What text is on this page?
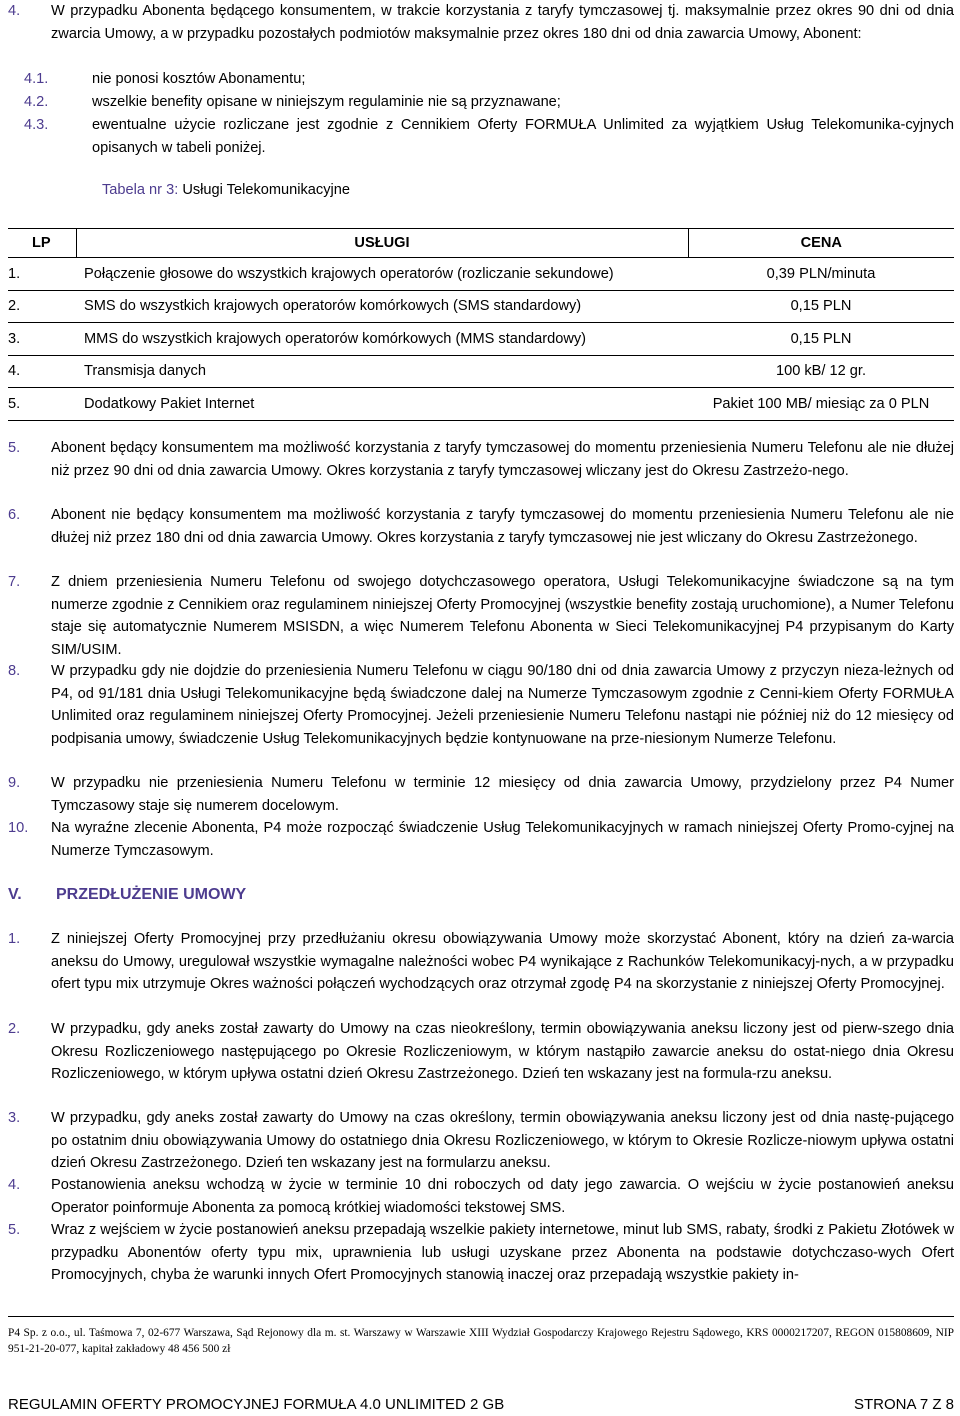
4. W przypadku Abonenta będącego konsumentem, w trakcie korzystania z taryfy tymczasowej tj. maksymalnie przez okres 90 dni od dnia zwarcia Umowy, a w przypadku pozostałych podmiotów maksymalnie przez okres 180 dni od dnia zawarcia Umowy, Abonent:
4.1.	nie ponosi kosztów Abonamentu;
4.2.	wszelkie benefity opisane w niniejszym regulaminie nie są przyznawane;
4.3.	ewentualne użycie rozliczane jest zgodnie z Cennikiem Oferty FORMUŁA Unlimited za wyjątkiem Usług Telekomunika-cyjnych opisanych w tabeli poniżej.
Tabela nr 3: Usługi Telekomunikacyjne
LP	USŁUGI	CENA
1.	Połączenie głosowe do wszystkich krajowych operatorów (rozliczanie sekundowe)	0,39 PLN/minuta
2.	SMS do wszystkich krajowych operatorów komórkowych (SMS standardowy)	0,15 PLN
3.	MMS do wszystkich krajowych operatorów komórkowych (MMS standardowy)	0,15 PLN
4.	Transmisja danych	100 kB/ 12 gr.
5.	Dodatkowy Pakiet Internet	Pakiet 100 MB/ miesiąc za 0 PLN
5. Abonent będący konsumentem ma możliwość korzystania z taryfy tymczasowej do momentu przeniesienia Numeru Telefonu ale nie dłużej niż przez 90 dni od dnia zawarcia Umowy. Okres korzystania z taryfy tymczasowej wliczany jest do Okresu Zastrzeżo-nego.
6. Abonent nie będący konsumentem ma możliwość korzystania z taryfy tymczasowej do momentu przeniesienia Numeru Telefonu ale nie dłużej niż przez 180 dni od dnia zawarcia Umowy. Okres korzystania z taryfy tymczasowej nie jest wliczany do Okresu Zastrzeżonego.
7. Z dniem przeniesienia Numeru Telefonu od swojego dotychczasowego operatora, Usługi Telekomunikacyjne świadczone są na tym numerze zgodnie z Cennikiem oraz regulaminem niniejszej Oferty Promocyjnej (wszystkie benefity zostają uruchomione), a Numer Telefonu staje się automatycznie Numerem MSISDN, a więc Numerem Telefonu Abonenta w Sieci Telekomunikacyjnej P4 przypisanym do Karty SIM/USIM.
8. W przypadku gdy nie dojdzie do przeniesienia Numeru Telefonu w ciągu 90/180 dni od dnia zawarcia Umowy z przyczyn nieza-leżnych od P4, od 91/181 dnia Usługi Telekomunikacyjne będą świadczone dalej na Numerze Tymczasowym zgodnie z Cenni-kiem Oferty FORMUŁA Unlimited oraz regulaminem niniejszej Oferty Promocyjnej. Jeżeli przeniesienie Numeru Telefonu nastąpi nie później niż do 12 miesięcy od podpisania umowy, świadczenie Usług Telekomunikacyjnych będzie kontynuowane na prze-niesionym Numerze Telefonu.
9. W przypadku nie przeniesienia Numeru Telefonu w terminie 12 miesięcy od dnia zawarcia Umowy, przydzielony przez P4 Numer Tymczasowy staje się numerem docelowym.
10. Na wyraźne zlecenie Abonenta, P4 może rozpocząć świadczenie Usług Telekomunikacyjnych w ramach niniejszej Oferty Promo-cyjnej na Numerze Tymczasowym.
V. PRZEDŁUŻENIE UMOWY
1. Z niniejszej Oferty Promocyjnej przy przedłużaniu okresu obowiązywania Umowy może skorzystać Abonent, który na dzień za-warcia aneksu do Umowy, uregulował wszystkie wymagalne należności wobec P4 wynikające z Rachunków Telekomunikacyj-nych, a w przypadku ofert typu mix utrzymuje Okres ważności połączeń wychodzących oraz otrzymał zgodę P4 na skorzystanie z niniejszej Oferty Promocyjnej.
2. W przypadku, gdy aneks został zawarty do Umowy na czas nieokreślony, termin obowiązywania aneksu liczony jest od pierw-szego dnia Okresu Rozliczeniowego następującego po Okresie Rozliczeniowym, w którym nastąpiło zawarcie aneksu do ostat-niego dnia Okresu Rozliczeniowego, w którym upływa ostatni dzień Okresu Zastrzeżonego. Dzień ten wskazany jest na formula-rzu aneksu.
3. W przypadku, gdy aneks został zawarty do Umowy na czas określony, termin obowiązywania aneksu liczony jest od dnia nastę-pującego po ostatnim dniu obowiązywania Umowy do ostatniego dnia Okresu Rozliczeniowego, w którym to Okresie Rozlicze-niowym upływa ostatni dzień Okresu Zastrzeżonego. Dzień ten wskazany jest na formularzu aneksu.
4. Postanowienia aneksu wchodzą w życie w terminie 10 dni roboczych od daty jego zawarcia. O wejściu w życie postanowień aneksu Operator poinformuje Abonenta za pomocą krótkiej wiadomości tekstowej SMS.
5. Wraz z wejściem w życie postanowień aneksu przepadają wszelkie pakiety internetowe, minut lub SMS, rabaty, środki z Pakietu Złotówek w przypadku Abonentów oferty typu mix, uprawnienia lub usługi uzyskane przez Abonenta na podstawie dotychczaso-wych Ofert Promocyjnych, chyba że warunki innych Ofert Promocyjnych stanowią inaczej oraz przepadają wszystkie pakiety in-
P4 Sp. z o.o., ul. Taśmowa 7, 02-677 Warszawa, Sąd Rejonowy dla m. st. Warszawy w Warszawie XIII Wydział Gospodarczy Krajowego Rejestru Sądowego, KRS 0000217207, REGON 015808609, NIP 951-21-20-077, kapitał zakładowy 48 456 500 zł
REGULAMIN OFERTY PROMOCYJNEJ FORMUŁA 4.0 UNLIMITED 2 GB	STRONA 7 Z 8
